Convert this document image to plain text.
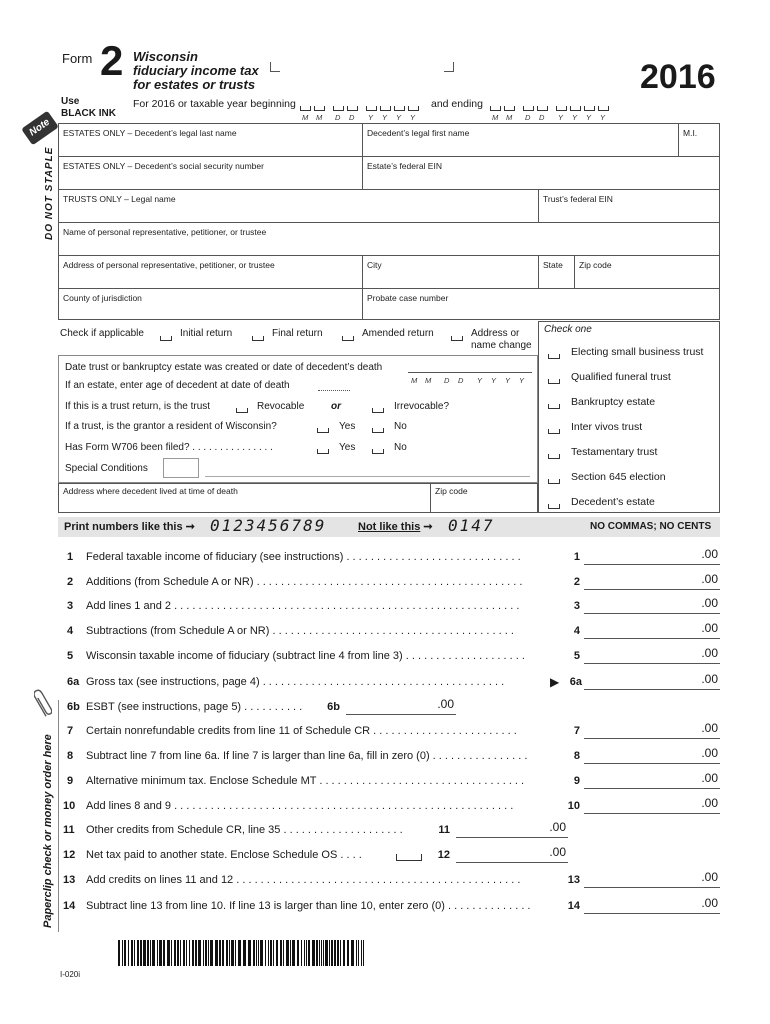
Form 2 Wisconsin
fiduciary income tax
for estates or trusts	2016
Use
BLACK INK
For 2016 or taxable year beginning
M M D D Y Y Y Y
and ending
M M D D Y Y Y Y
Note
DO NOT STAPLE
ESTATES ONLY – Decedent’s legal last name	Decedent’s legal first name	M.I.
ESTATES ONLY – Decedent’s social security number	Estate’s federal EIN
TRUSTS ONLY – Legal name	Trust’s federal EIN
Name of personal representative, petitioner, or trustee
Address of personal representative, petitioner, or trustee	City	State	Zip code
County of jurisdiction	Probate case number
Check if applicable	Initial return	Final return	Amended return	Address or
name change
Date trust or bankruptcy estate was created or date of decedent’s death
M M D D Y Y Y Y
If an estate, enter age of decedent at date of death
If this is a trust return, is the trust	Revocable	or	Irrevocable?
If a trust, is the grantor a resident of Wisconsin?	Yes	No
Has Form W706 been filed? . . . . . . . . . . . . . . .	Yes	No
Special Conditions
Address where decedent lived at time of death	Zip code
Check one
Electing small business trust
Qualified funeral trust
Bankruptcy estate
Inter vivos trust
Testamentary trust
Section 645 election
Decedent’s estate
Print numbers like this ➞ 0123456789	Not like this ➞ 0147	NO COMMAS; NO CENTS
1 Federal taxable income of fiduciary (see instructions) . . . . . . . . . . . . . . . . . . . . . . . . . . . . .	1	.00
2 Additions (from Schedule A or NR) . . . . . . . . . . . . . . . . . . . . . . . . . . . . . . . . . . . . . . . . . . . .	2	.00
3 Add lines 1 and 2 . . . . . . . . . . . . . . . . . . . . . . . . . . . . . . . . . . . . . . . . . . . . . . . . . . . . . . . . .	3	.00
4 Subtractions (from Schedule A or NR) . . . . . . . . . . . . . . . . . . . . . . . . . . . . . . . . . . . . . . . .	4	.00
5 Wisconsin taxable income of fiduciary (subtract line 4 from line 3) . . . . . . . . . . . . . . . . . . . .	5	.00
6a Gross tax (see instructions, page 4) . . . . . . . . . . . . . . . . . . . . . . . . . . . . . . . . . . . . . . . .	▶ 6a	.00
6b ESBT (see instructions, page 5) . . . . . . . . . .	6b	.00
7 Certain nonrefundable credits from line 11 of Schedule CR . . . . . . . . . . . . . . . . . . . . . . . .	7	.00
8 Subtract line 7 from line 6a. If line 7 is larger than line 6a, fill in zero (0) . . . . . . . . . . . . . . . .	8	.00
9 Alternative minimum tax. Enclose Schedule MT . . . . . . . . . . . . . . . . . . . . . . . . . . . . . . . . . .	9	.00
10 Add lines 8 and 9 . . . . . . . . . . . . . . . . . . . . . . . . . . . . . . . . . . . . . . . . . . . . . . . . . . . . . . . .	10	.00
11 Other credits from Schedule CR, line 35 . . . . . . . . . . . . . . . . . . . .	11	.00
12 Net tax paid to another state. Enclose Schedule OS . . . .	12	.00
13 Add credits on lines 11 and 12 . . . . . . . . . . . . . . . . . . . . . . . . . . . . . . . . . . . . . . . . . . . . . . .	13	.00
14 Subtract line 13 from line 10. If line 13 is larger than line 10, enter zero (0) . . . . . . . . . . . . . .	14	.00
Paperclip check or money order here
I-020i
